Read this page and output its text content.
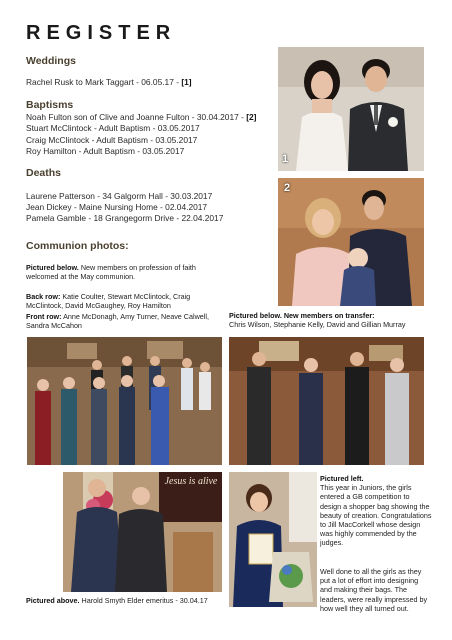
REGISTER
Weddings
Rachel Rusk to Mark Taggart - 06.05.17 - [1]
Baptisms
Noah Fulton son of Clive and Joanne Fulton - 30.04.2017 - [2]
Stuart McClintock - Adult Baptism - 03.05.2017
Craig McClintock - Adult Baptism - 03.05.2017
Roy Hamilton - Adult Baptism - 03.05.2017
Deaths
Laurene Patterson - 34 Galgorm Hall - 30.03.2017
Jean Dickey - Maine Nursing Home - 02.04.2017
Pamela Gamble - 18 Grangegorm Drive - 22.04.2017
Communion photos:
Pictured below. New members on profession of faith welcomed at the May communion.
Back row: Katie Coulter, Stewart McClintock, Craig McClintock, David McGaughey, Roy Hamilton
Front row: Anne McDonagh, Amy Turner, Neave Calwell, Sandra McCahon
Pictured below. New members on transfer:
Chris Wilson, Stephanie Kelly, David and Gillian Murray
1
2
Jesus is alive
Pictured above. Harold Smyth Elder emeritus - 30.04.17
Pictured left.
This year in Juniors, the girls entered a GB competition to design a shopper bag showing the beauty of creation. Congratulations to Jill MacCorkell whose design was highly commended by the judges.
Well done to all the girls as they put a lot of effort into designing and making their bags. The leaders, were really impressed by how well they all turned out.
